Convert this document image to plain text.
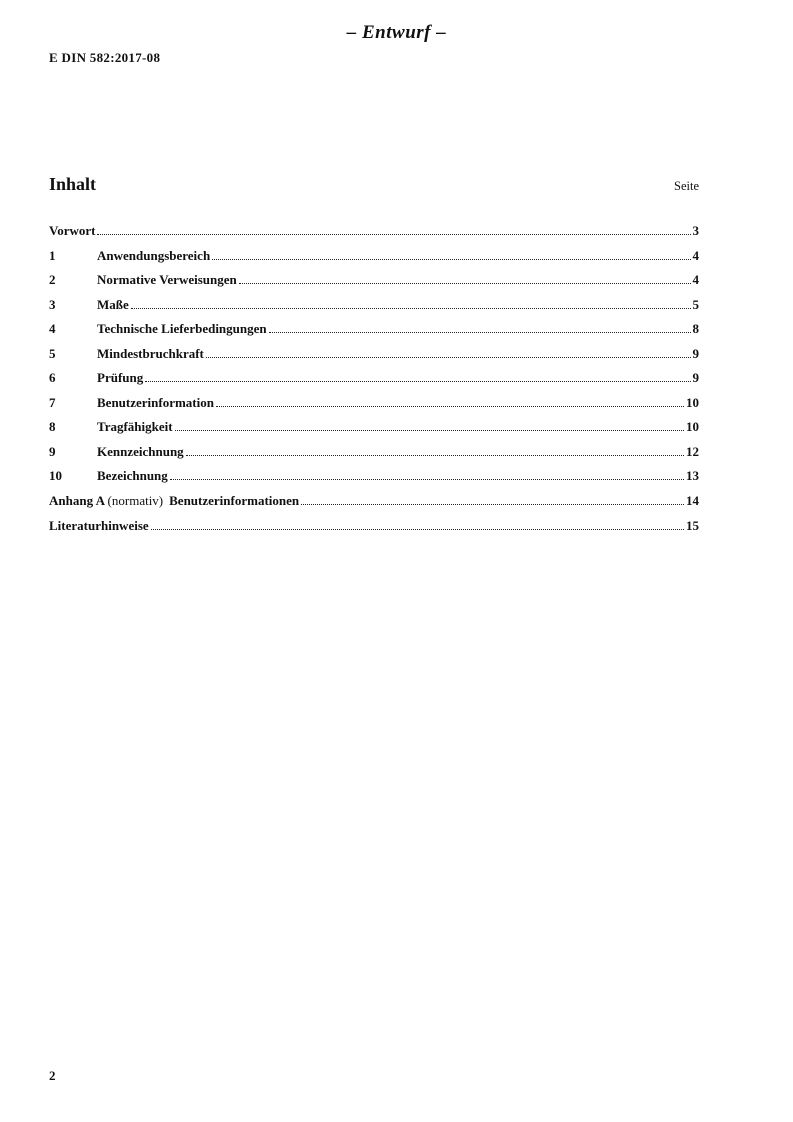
– Entwurf –
E DIN 582:2017-08
Inhalt	Seite
Vorwort	3
1	Anwendungsbereich	4
2	Normative Verweisungen	4
3	Maße	5
4	Technische Lieferbedingungen	8
5	Mindestbruchkraft	9
6	Prüfung	9
7	Benutzerinformation	10
8	Tragfähigkeit	10
9	Kennzeichnung	12
10	Bezeichnung	13
Anhang A (normativ) Benutzerinformationen	14
Literaturhinweise	15
2
